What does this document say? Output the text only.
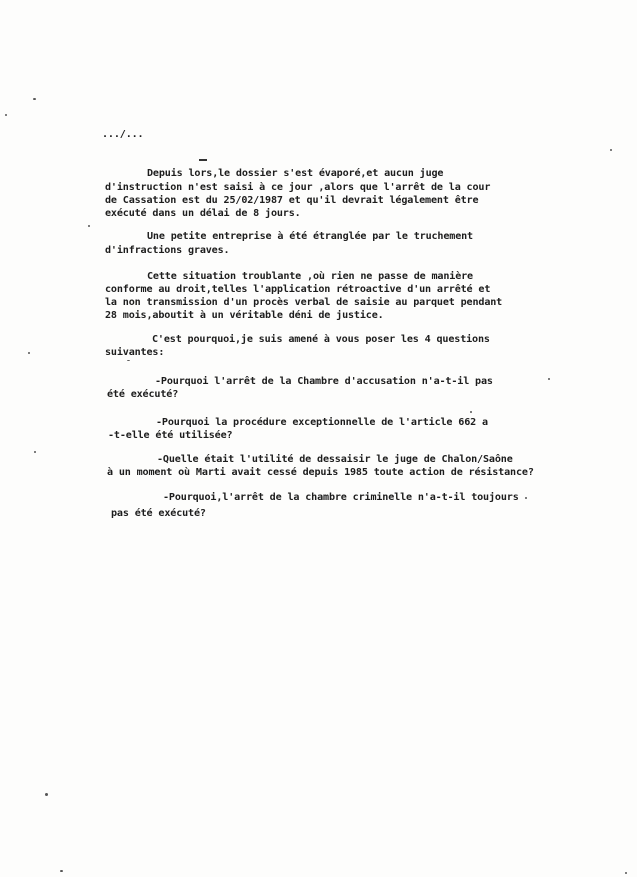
.../...
Depuis lors,le dossier s'est évaporé,et aucun juge
d'instruction n'est saisi à ce jour ,alors que l'arrêt de la cour
de Cassation est du 25/02/1987 et qu'il devrait légalement être
exécuté dans un délai de 8 jours.
Une petite entreprise à été étranglée par le truchement
d'infractions graves.
Cette situation troublante ,où rien ne passe de manière
conforme au droit,telles l'application rétroactive d'un arrêté et
la non transmission d'un procès verbal de saisie au parquet pendant
28 mois,aboutit à un véritable déni de justice.
C'est pourquoi,je suis amené à vous poser les 4 questions
suivantes:
-Pourquoi l'arrêt de la Chambre d'accusation n'a-t-il pas
été exécuté?
-Pourquoi la procédure exceptionnelle de l'article 662 a
-t-elle été utilisée?
-Quelle était l'utilité de dessaisir le juge de Chalon/Saône
à un moment où Marti avait cessé depuis 1985 toute action de résistance?
-Pourquoi,l'arrêt de la chambre criminelle n'a-t-il toujours
pas été exécuté?
